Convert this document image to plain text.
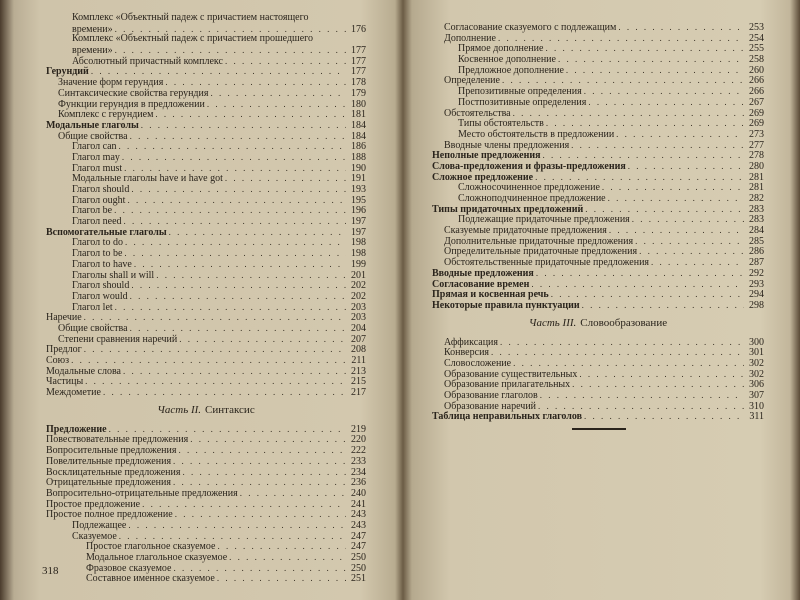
Комплекс «Объектный падеж с причастием настоящего
времени» . . .	176
Комплекс «Объектный падеж с причастием прошедшего
времени» . . .	177
Абсолютный причастный комплекс . . .	177
Герундий . . .	177
Значение форм герундия . . .	178
Синтаксические свойства герундия . . .	179
Функции герундия в предложении . . .	180
Комплекс с герундием . . .	181
Модальные глаголы . . .	184
Общие свойства . . .	184
Глагол can . . .	186
Глагол may . . .	188
Глагол must . . .	190
Модальные глаголы have и have got . . .	191
Глагол should . . .	193
Глагол ought . . .	195
Глагол be . . .	196
Глагол need . . .	197
Вспомогательные глаголы . . .	197
Глагол to do . . .	198
Глагол to be . . .	198
Глагол to have . . .	199
Глаголы shall и will . . .	201
Глагол should . . .	202
Глагол would . . .	202
Глагол let . . .	203
Наречие . . .	203
Общие свойства . . .	204
Степени сравнения наречий . . .	207
Предлог . . .	208
Союз . . .	211
Модальные слова . . .	213
Частицы . . .	215
Междометие . . .	217
Часть II. Синтаксис
Предложение . . .	219
Повествовательные предложения . . .	220
Вопросительные предложения . . .	222
Повелительные предложения . . .	233
Восклицательные предложения . . .	234
Отрицательные предложения . . .	236
Вопросительно-отрицательные предложения . . .	240
Простое предложение . . .	241
Простое полное предложение . . .	243
Подлежащее . . .	243
Сказуемое . . .	247
Простое глагольное сказуемое . . .	247
Модальное глагольное сказуемое . . .	250
Фразовое сказуемое . . .	250
Составное именное сказуемое . . .	251
318
Согласование сказуемого с подлежащим . . .	253
Дополнение . . .	254
Прямое дополнение . . .	255
Косвенное дополнение . . .	258
Предложное дополнение . . .	260
Определение . . .	266
Препозитивные определения . . .	266
Постпозитивные определения . . .	267
Обстоятельства . . .	269
Типы обстоятельств . . .	269
Место обстоятельств в предложении . . .	273
Вводные члены предложения . . .	277
Неполные предложения . . .	278
Слова-предложения и фразы-предложения . . .	280
Сложное предложение . . .	281
Сложносочиненное предложение . . .	281
Сложноподчиненное предложение . . .	282
Типы придаточных предложений . . .	283
Подлежащие придаточные предложения . . .	283
Сказуемые придаточные предложения . . .	284
Дополнительные придаточные предложения . . .	285
Определительные придаточные предложения . . .	286
Обстоятельственные придаточные предложения . . .	287
Вводные предложения . . .	292
Согласование времен . . .	293
Прямая и косвенная речь . . .	294
Некоторые правила пунктуации . . .	298
Часть III. Словообразование
Аффиксация . . .	300
Конверсия . . .	301
Словосложение . . .	302
Образование существительных . . .	302
Образование прилагательных . . .	306
Образование глаголов . . .	307
Образование наречий . . .	310
Таблица неправильных глаголов . . .	311
